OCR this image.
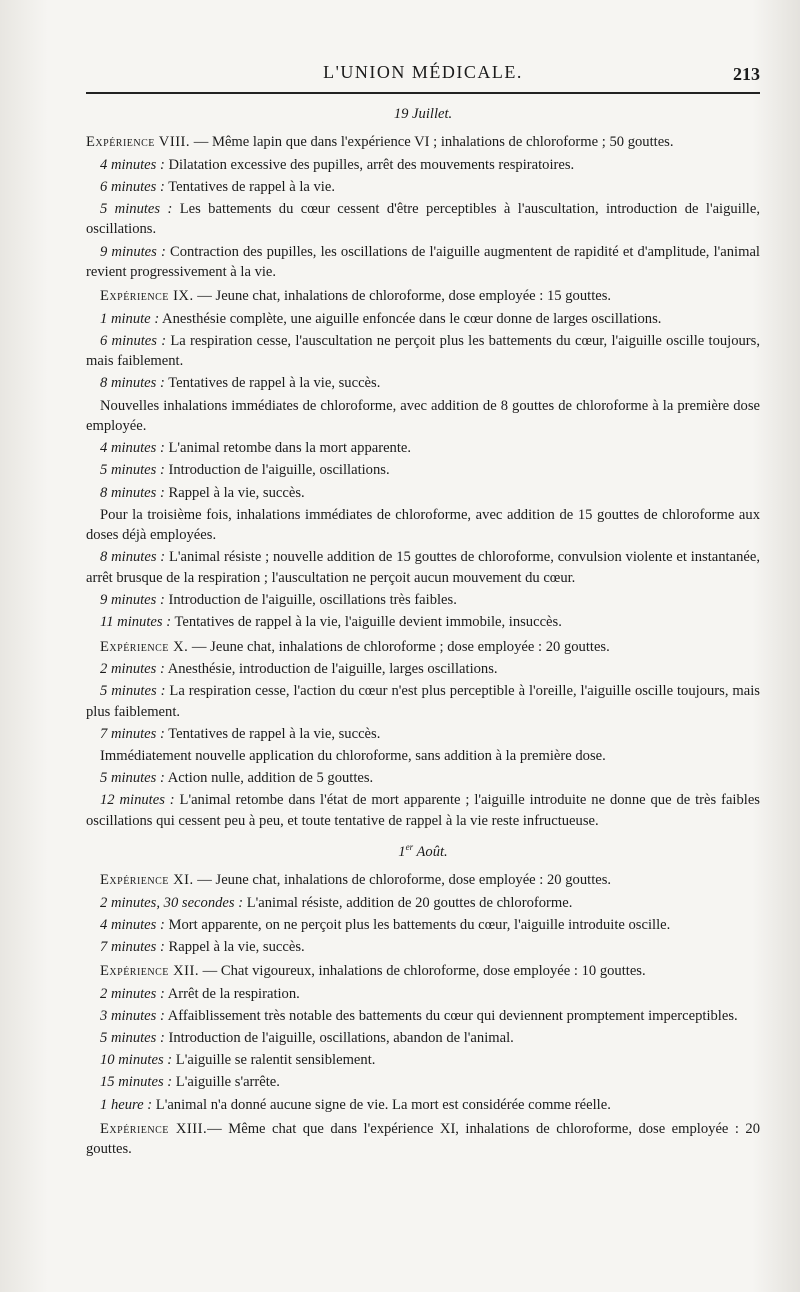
L'UNION MÉDICALE.	213

19 Juillet.

Expérience VIII. — Même lapin que dans l'expérience VI ; inhalations de chloroforme ; 50 gouttes.

4 minutes : Dilatation excessive des pupilles, arrêt des mouvements respiratoires.

6 minutes : Tentatives de rappel à la vie.

5 minutes : Les battements du cœur cessent d'être perceptibles à l'auscultation, introduction de l'aiguille, oscillations.

9 minutes : Contraction des pupilles, les oscillations de l'aiguille augmentent de rapidité et d'amplitude, l'animal revient progressivement à la vie.

Expérience IX. — Jeune chat, inhalations de chloroforme, dose employée : 15 gouttes.

1 minute : Anesthésie complète, une aiguille enfoncée dans le cœur donne de larges oscillations.

6 minutes : La respiration cesse, l'auscultation ne perçoit plus les battements du cœur, l'aiguille oscille toujours, mais faiblement.

8 minutes : Tentatives de rappel à la vie, succès.

Nouvelles inhalations immédiates de chloroforme, avec addition de 8 gouttes de chloroforme à la première dose employée.

4 minutes : L'animal retombe dans la mort apparente.

5 minutes : Introduction de l'aiguille, oscillations.

8 minutes : Rappel à la vie, succès.

Pour la troisième fois, inhalations immédiates de chloroforme, avec addition de 15 gouttes de chloroforme aux doses déjà employées.

8 minutes : L'animal résiste ; nouvelle addition de 15 gouttes de chloroforme, convulsion violente et instantanée, arrêt brusque de la respiration ; l'auscultation ne perçoit aucun mouvement du cœur.

9 minutes : Introduction de l'aiguille, oscillations très faibles.

11 minutes : Tentatives de rappel à la vie, l'aiguille devient immobile, insuccès.

Expérience X. — Jeune chat, inhalations de chloroforme ; dose employée : 20 gouttes.

2 minutes : Anesthésie, introduction de l'aiguille, larges oscillations.

5 minutes : La respiration cesse, l'action du cœur n'est plus perceptible à l'oreille, l'aiguille oscille toujours, mais plus faiblement.

7 minutes : Tentatives de rappel à la vie, succès.

Immédiatement nouvelle application du chloroforme, sans addition à la première dose.

5 minutes : Action nulle, addition de 5 gouttes.

12 minutes : L'animal retombe dans l'état de mort apparente ; l'aiguille introduite ne donne que de très faibles oscillations qui cessent peu à peu, et toute tentative de rappel à la vie reste infructueuse.

1er Août.

Expérience XI. — Jeune chat, inhalations de chloroforme, dose employée : 20 gouttes.

2 minutes, 30 secondes : L'animal résiste, addition de 20 gouttes de chloroforme.

4 minutes : Mort apparente, on ne perçoit plus les battements du cœur, l'aiguille introduite oscille.

7 minutes : Rappel à la vie, succès.

Expérience XII. — Chat vigoureux, inhalations de chloroforme, dose employée : 10 gouttes.

2 minutes : Arrêt de la respiration.

3 minutes : Affaiblissement très notable des battements du cœur qui deviennent promptement imperceptibles.

5 minutes : Introduction de l'aiguille, oscillations, abandon de l'animal.

10 minutes : L'aiguille se ralentit sensiblement.

15 minutes : L'aiguille s'arrête.

1 heure : L'animal n'a donné aucune signe de vie. La mort est considérée comme réelle.

Expérience XIII.— Même chat que dans l'expérience XI, inhalations de chloroforme, dose employée : 20 gouttes.
